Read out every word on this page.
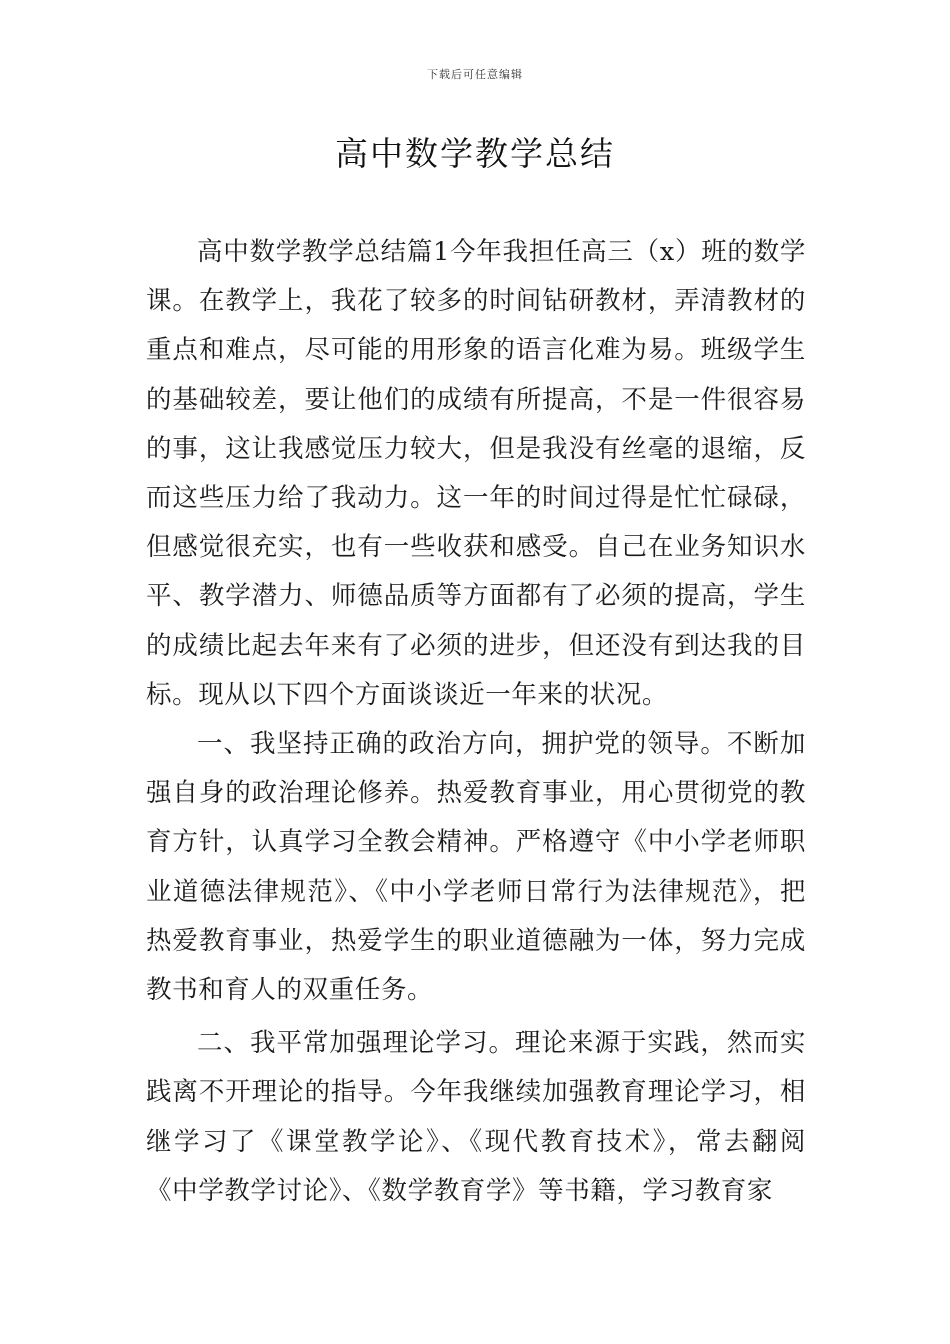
下载后可任意编辑
高中数学教学总结

高中数学教学总结篇1今年我担任高三（x）班的数学课。在教学上，我花了较多的时间钻研教材，弄清教材的重点和难点，尽可能的用形象的语言化难为易。班级学生的基础较差，要让他们的成绩有所提高，不是一件很容易的事，这让我感觉压力较大，但是我没有丝毫的退缩，反而这些压力给了我动力。这一年的时间过得是忙忙碌碌，但感觉很充实，也有一些收获和感受。自己在业务知识水平、教学潜力、师德品质等方面都有了必须的提高，学生的成绩比起去年来有了必须的进步，但还没有到达我的目标。现从以下四个方面谈谈近一年来的状况。

一、我坚持正确的政治方向，拥护党的领导。不断加强自身的政治理论修养。热爱教育事业，用心贯彻党的教育方针，认真学习全教会精神。严格遵守《中小学老师职业道德法律规范》、《中小学老师日常行为法律规范》，把热爱教育事业，热爱学生的职业道德融为一体，努力完成教书和育人的双重任务。

二、我平常加强理论学习。理论来源于实践，然而实践离不开理论的指导。今年我继续加强教育理论学习，相继学习了《课堂教学论》、《现代教育技术》，常去翻阅《中学教学讨论》、《数学教育学》等书籍，学习教育家
